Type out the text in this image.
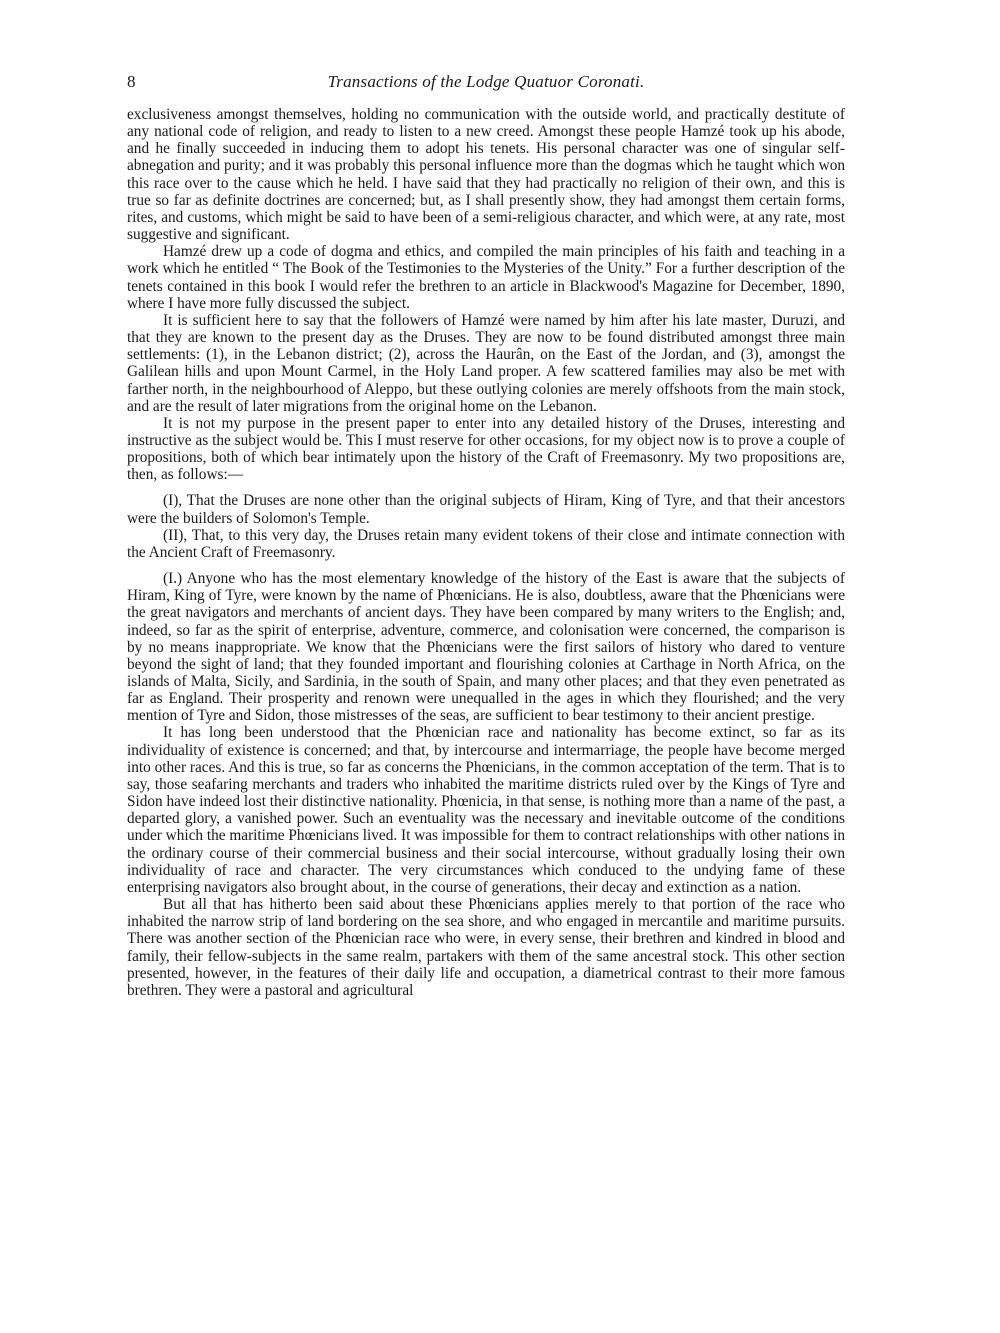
8	Transactions of the Lodge Quatuor Coronati.

exclusiveness amongst themselves, holding no communication with the outside world, and practically destitute of any national code of religion, and ready to listen to a new creed. Amongst these people Hamzé took up his abode, and he finally succeeded in inducing them to adopt his tenets. His personal character was one of singular self-abnegation and purity; and it was probably this personal influence more than the dogmas which he taught which won this race over to the cause which he held. I have said that they had practically no religion of their own, and this is true so far as definite doctrines are concerned; but, as I shall presently show, they had amongst them certain forms, rites, and customs, which might be said to have been of a semi-religious character, and which were, at any rate, most suggestive and significant.

Hamzé drew up a code of dogma and ethics, and compiled the main principles of his faith and teaching in a work which he entitled “ The Book of the Testimonies to the Mysteries of the Unity.” For a further description of the tenets contained in this book I would refer the brethren to an article in Blackwood's Magazine for December, 1890, where I have more fully discussed the subject.

It is sufficient here to say that the followers of Hamzé were named by him after his late master, Duruzi, and that they are known to the present day as the Druses. They are now to be found distributed amongst three main settlements: (1), in the Lebanon district; (2), across the Haurân, on the East of the Jordan, and (3), amongst the Galilean hills and upon Mount Carmel, in the Holy Land proper. A few scattered families may also be met with farther north, in the neighbourhood of Aleppo, but these outlying colonies are merely offshoots from the main stock, and are the result of later migrations from the original home on the Lebanon.

It is not my purpose in the present paper to enter into any detailed history of the Druses, interesting and instructive as the subject would be. This I must reserve for other occasions, for my object now is to prove a couple of propositions, both of which bear intimately upon the history of the Craft of Freemasonry. My two propositions are, then, as follows:—

(I), That the Druses are none other than the original subjects of Hiram, King of Tyre, and that their ancestors were the builders of Solomon's Temple.

(II), That, to this very day, the Druses retain many evident tokens of their close and intimate connection with the Ancient Craft of Freemasonry.

(I.) Anyone who has the most elementary knowledge of the history of the East is aware that the subjects of Hiram, King of Tyre, were known by the name of Phœnicians. He is also, doubtless, aware that the Phœnicians were the great navigators and merchants of ancient days. They have been compared by many writers to the English; and, indeed, so far as the spirit of enterprise, adventure, commerce, and colonisation were concerned, the comparison is by no means inappropriate. We know that the Phœnicians were the first sailors of history who dared to venture beyond the sight of land; that they founded important and flourishing colonies at Carthage in North Africa, on the islands of Malta, Sicily, and Sardinia, in the south of Spain, and many other places; and that they even penetrated as far as England. Their prosperity and renown were unequalled in the ages in which they flourished; and the very mention of Tyre and Sidon, those mistresses of the seas, are sufficient to bear testimony to their ancient prestige.

It has long been understood that the Phœnician race and nationality has become extinct, so far as its individuality of existence is concerned; and that, by intercourse and intermarriage, the people have become merged into other races. And this is true, so far as concerns the Phœnicians, in the common acceptation of the term. That is to say, those seafaring merchants and traders who inhabited the maritime districts ruled over by the Kings of Tyre and Sidon have indeed lost their distinctive nationality. Phœnicia, in that sense, is nothing more than a name of the past, a departed glory, a vanished power. Such an eventuality was the necessary and inevitable outcome of the conditions under which the maritime Phœnicians lived. It was impossible for them to contract relationships with other nations in the ordinary course of their commercial business and their social intercourse, without gradually losing their own individuality of race and character. The very circumstances which conduced to the undying fame of these enterprising navigators also brought about, in the course of generations, their decay and extinction as a nation.

But all that has hitherto been said about these Phœnicians applies merely to that portion of the race who inhabited the narrow strip of land bordering on the sea shore, and who engaged in mercantile and maritime pursuits. There was another section of the Phœnician race who were, in every sense, their brethren and kindred in blood and family, their fellow-subjects in the same realm, partakers with them of the same ancestral stock. This other section presented, however, in the features of their daily life and occupation, a diametrical contrast to their more famous brethren. They were a pastoral and agricultural
